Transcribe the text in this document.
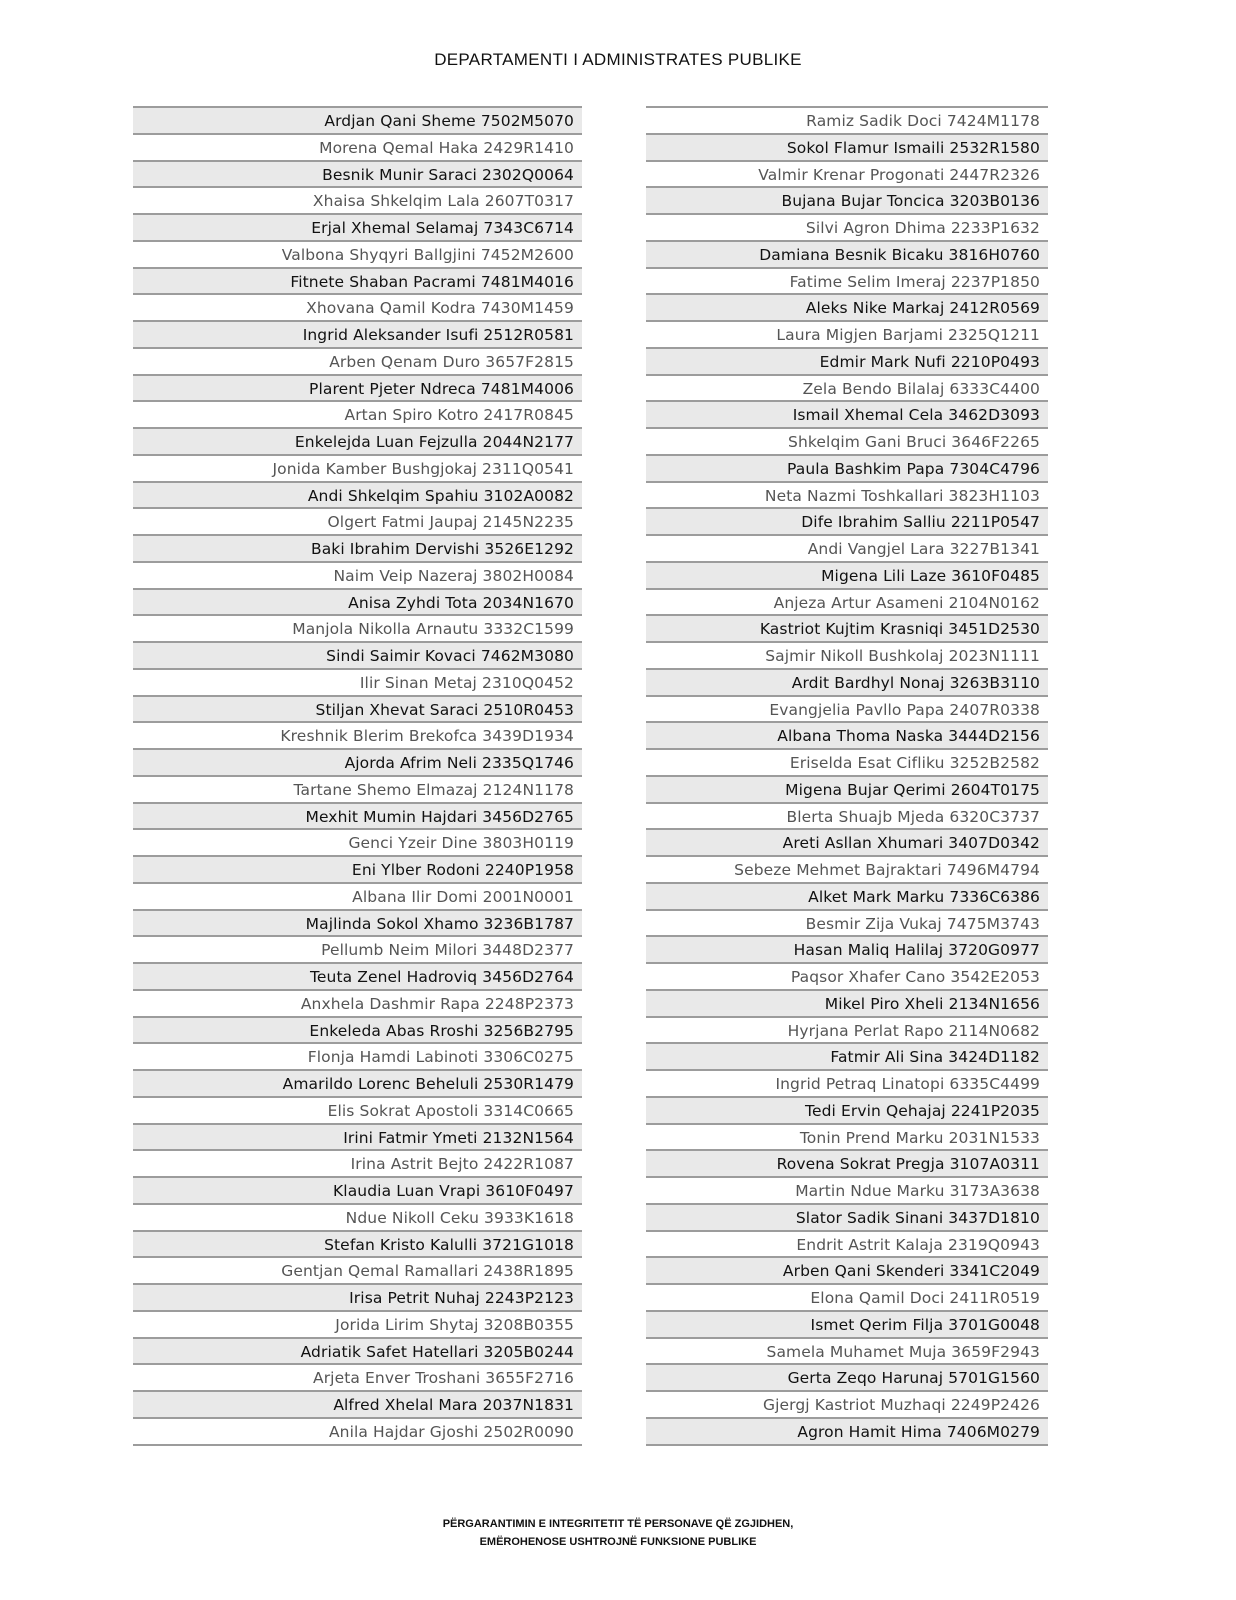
DEPARTAMENTI I ADMINISTRATES PUBLIKE
Ardjan Qani Sheme 7502M5070
Morena Qemal Haka 2429R1410
Besnik Munir Saraci 2302Q0064
Xhaisa Shkelqim Lala 2607T0317
Erjal Xhemal Selamaj 7343C6714
Valbona Shyqyri Ballgjini 7452M2600
Fitnete Shaban Pacrami 7481M4016
Xhovana Qamil Kodra 7430M1459
Ingrid Aleksander Isufi 2512R0581
Arben Qenam Duro 3657F2815
Plarent Pjeter Ndreca 7481M4006
Artan Spiro Kotro 2417R0845
Enkelejda Luan Fejzulla 2044N2177
Jonida Kamber Bushgjokaj 2311Q0541
Andi Shkelqim Spahiu 3102A0082
Olgert Fatmi Jaupaj 2145N2235
Baki Ibrahim Dervishi 3526E1292
Naim Veip Nazeraj 3802H0084
Anisa Zyhdi Tota 2034N1670
Manjola Nikolla Arnautu 3332C1599
Sindi Saimir Kovaci 7462M3080
Ilir Sinan Metaj 2310Q0452
Stiljan Xhevat Saraci 2510R0453
Kreshnik Blerim Brekofca 3439D1934
Ajorda Afrim Neli 2335Q1746
Tartane Shemo Elmazaj 2124N1178
Mexhit Mumin Hajdari 3456D2765
Genci Yzeir Dine 3803H0119
Eni Ylber Rodoni 2240P1958
Albana Ilir Domi 2001N0001
Majlinda Sokol Xhamo 3236B1787
Pellumb Neim Milori 3448D2377
Teuta Zenel Hadroviq 3456D2764
Anxhela Dashmir Rapa 2248P2373
Enkeleda Abas Rroshi 3256B2795
Flonja Hamdi Labinoti 3306C0275
Amarildo Lorenc Beheluli 2530R1479
Elis Sokrat Apostoli 3314C0665
Irini Fatmir Ymeti 2132N1564
Irina Astrit Bejto 2422R1087
Klaudia Luan Vrapi 3610F0497
Ndue Nikoll Ceku 3933K1618
Stefan Kristo Kalulli 3721G1018
Gentjan Qemal Ramallari 2438R1895
Irisa Petrit Nuhaj 2243P2123
Jorida Lirim Shytaj 3208B0355
Adriatik Safet Hatellari 3205B0244
Arjeta Enver Troshani 3655F2716
Alfred Xhelal Mara 2037N1831
Anila Hajdar Gjoshi 2502R0090
Ramiz Sadik Doci 7424M1178
Sokol Flamur Ismaili 2532R1580
Valmir Krenar Progonati 2447R2326
Bujana Bujar Toncica 3203B0136
Silvi Agron Dhima 2233P1632
Damiana Besnik Bicaku 3816H0760
Fatime Selim Imeraj 2237P1850
Aleks Nike Markaj 2412R0569
Laura Migjen Barjami 2325Q1211
Edmir Mark Nufi 2210P0493
Zela Bendo Bilalaj 6333C4400
Ismail Xhemal Cela 3462D3093
Shkelqim Gani Bruci 3646F2265
Paula Bashkim Papa 7304C4796
Neta Nazmi Toshkallari 3823H1103
Dife Ibrahim Salliu 2211P0547
Andi Vangjel Lara 3227B1341
Migena Lili Laze 3610F0485
Anjeza Artur Asameni 2104N0162
Kastriot Kujtim Krasniqi 3451D2530
Sajmir Nikoll Bushkolaj 2023N1111
Ardit Bardhyl Nonaj 3263B3110
Evangjelia Pavllo Papa 2407R0338
Albana Thoma Naska 3444D2156
Eriselda Esat Cifliku 3252B2582
Migena Bujar Qerimi 2604T0175
Blerta Shuajb Mjeda 6320C3737
Areti Asllan Xhumari 3407D0342
Sebeze Mehmet Bajraktari 7496M4794
Alket Mark Marku 7336C6386
Besmir Zija Vukaj 7475M3743
Hasan Maliq Halilaj 3720G0977
Paqsor Xhafer Cano 3542E2053
Mikel Piro Xheli 2134N1656
Hyrjana Perlat Rapo 2114N0682
Fatmir Ali Sina 3424D1182
Ingrid Petraq Linatopi 6335C4499
Tedi Ervin Qehajaj 2241P2035
Tonin Prend Marku 2031N1533
Rovena Sokrat Pregja 3107A0311
Martin Ndue Marku 3173A3638
Slator Sadik Sinani 3437D1810
Endrit Astrit Kalaja 2319Q0943
Arben Qani Skenderi 3341C2049
Elona Qamil Doci 2411R0519
Ismet Qerim Filja 3701G0048
Samela Muhamet Muja 3659F2943
Gerta Zeqo Harunaj 5701G1560
Gjergj Kastriot Muzhaqi 2249P2426
Agron Hamit Hima 7406M0279
PËRGARANTIMIN E INTEGRITETIT TË PERSONAVE QË ZGJIDHEN,
EMËROHENOSE USHTROJNË FUNKSIONE PUBLIKE
